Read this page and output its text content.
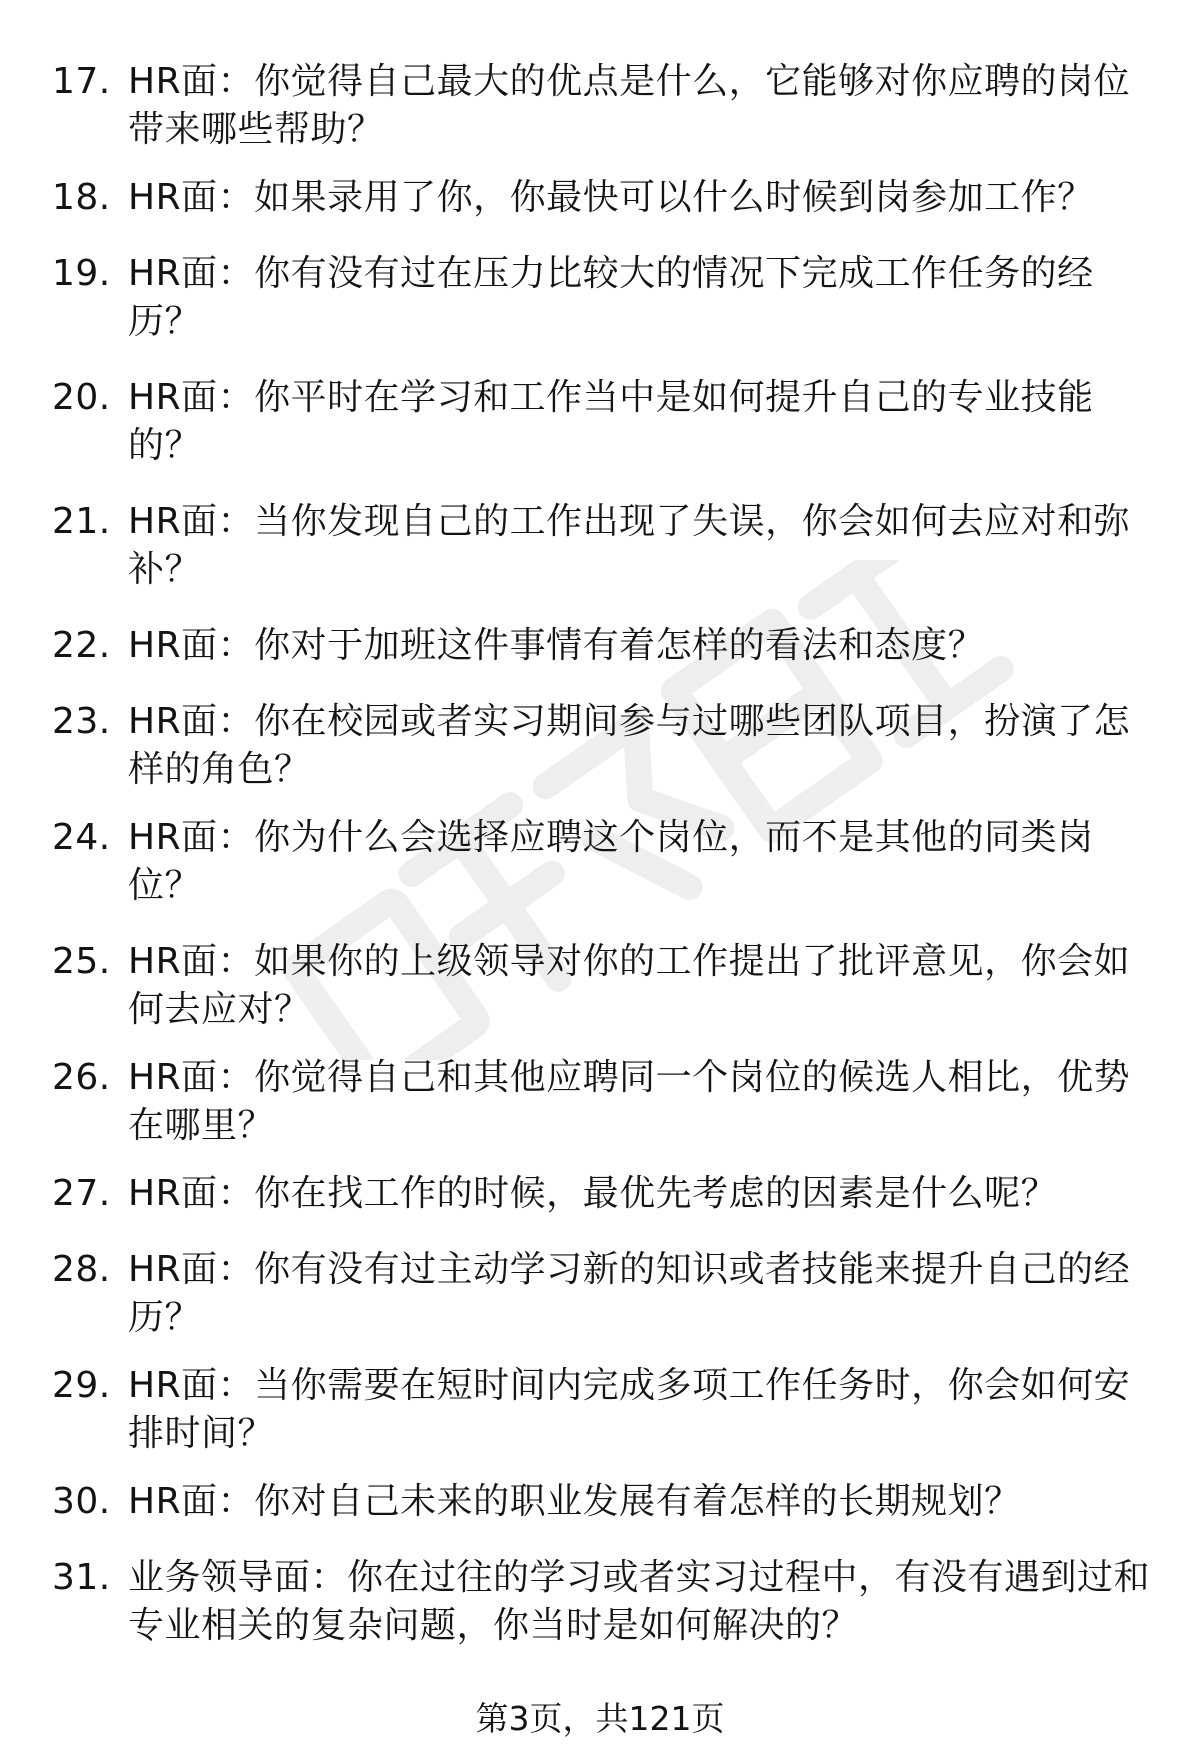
17. HR面：你觉得自己最大的优点是什么，它能够对你应聘的岗位带来哪些帮助？
18. HR面：如果录用了你，你最快可以什么时候到岗参加工作？
19. HR面：你有没有过在压力比较大的情况下完成工作任务的经历？
20. HR面：你平时在学习和工作当中是如何提升自己的专业技能的？
21. HR面：当你发现自己的工作出现了失误，你会如何去应对和弥补？
22. HR面：你对于加班这件事情有着怎样的看法和态度？
23. HR面：你在校园或者实习期间参与过哪些团队项目，扮演了怎样的角色？
24. HR面：你为什么会选择应聘这个岗位，而不是其他的同类岗位？
25. HR面：如果你的上级领导对你的工作提出了批评意见，你会如何去应对？
26. HR面：你觉得自己和其他应聘同一个岗位的候选人相比，优势在哪里？
27. HR面：你在找工作的时候，最优先考虑的因素是什么呢？
28. HR面：你有没有过主动学习新的知识或者技能来提升自己的经历？
29. HR面：当你需要在短时间内完成多项工作任务时，你会如何安排时间？
30. HR面：你对自己未来的职业发展有着怎样的长期规划？
31. 业务领导面：你在过往的学习或者实习过程中，有没有遇到过和专业相关的复杂问题，你当时是如何解决的？
第3页，共121页
